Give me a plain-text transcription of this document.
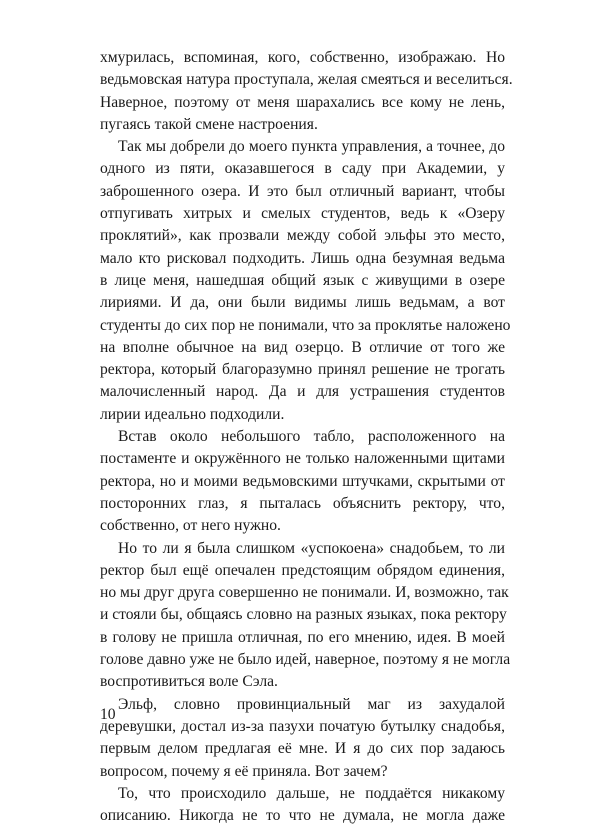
хмурилась, вспоминая, кого, собственно, изображаю. Но
ведьмовская натура проступала, желая смеяться и веселиться.
Наверное, поэтому от меня шарахались все кому не лень,
пугаясь такой смене настроения.

Так мы добрели до моего пункта управления, а точнее, до
одного из пяти, оказавшегося в саду при Академии, у
заброшенного озера. И это был отличный вариант, чтобы
отпугивать хитрых и смелых студентов, ведь к «Озеру
проклятий», как прозвали между собой эльфы это место,
мало кто рисковал подходить. Лишь одна безумная ведьма
в лице меня, нашедшая общий язык с живущими в озере
лириями. И да, они были видимы лишь ведьмам, а вот
студенты до сих пор не понимали, что за проклятье наложено
на вполне обычное на вид озерцо. В отличие от того же
ректора, который благоразумно принял решение не трогать
малочисленный народ. Да и для устрашения студентов
лирии идеально подходили.

Встав около небольшого табло, расположенного на
постаменте и окружённого не только наложенными щитами
ректора, но и моими ведьмовскими штучками, скрытыми от
посторонних глаз, я пыталась объяснить ректору, что,
собственно, от него нужно.

Но то ли я была слишком «успокоена» снадобьем, то ли
ректор был ещё опечален предстоящим обрядом единения,
но мы друг друга совершенно не понимали. И, возможно, так
и стояли бы, общаясь словно на разных языках, пока ректору
в голову не пришла отличная, по его мнению, идея. В моей
голове давно уже не было идей, наверное, поэтому я не могла
воспротивиться воле Сэла.

Эльф, словно провинциальный маг из захудалой
деревушки, достал из-за пазухи початую бутылку снадобья,
первым делом предлагая её мне. И я до сих пор задаюсь
вопросом, почему я её приняла. Вот зачем?

То, что происходило дальше, не поддаётся никакому
описанию. Никогда не то что не думала, не могла даже

10
